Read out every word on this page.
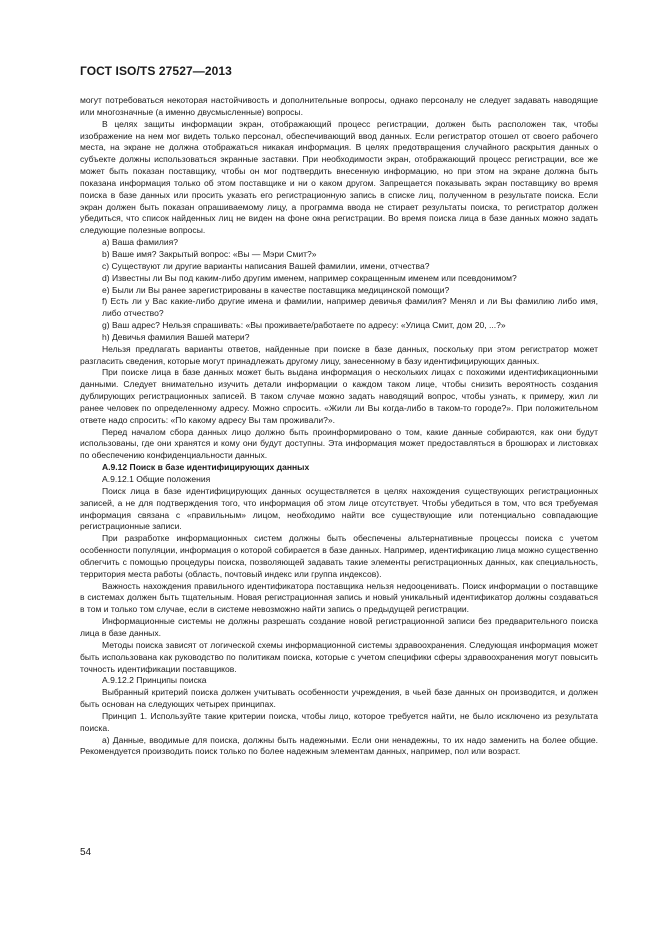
ГОСТ ISO/TS 27527—2013

могут потребоваться некоторая настойчивость и дополнительные вопросы, однако персоналу не следует задавать наводящие или многозначные (а именно двусмысленные) вопросы.

В целях защиты информации экран, отображающий процесс регистрации, должен быть расположен так, чтобы изображение на нем мог видеть только персонал, обеспечивающий ввод данных. Если регистратор отошел от своего рабочего места, на экране не должна отображаться никакая информация. В целях предотвращения случайного раскрытия данных о субъекте должны использоваться экранные заставки. При необходимости экран, отображающий процесс регистрации, все же может быть показан поставщику, чтобы он мог подтвердить внесенную информацию, но при этом на экране должна быть показана информация только об этом поставщике и ни о каком другом. Запрещается показывать экран поставщику во время поиска в базе данных или просить указать его регистрационную запись в списке лиц, полученном в результате поиска. Если экран должен быть показан опрашиваемому лицу, а программа ввода не стирает результаты поиска, то регистратор должен убедиться, что список найденных лиц не виден на фоне окна регистрации. Во время поиска лица в базе данных можно задать следующие полезные вопросы.

a) Ваша фамилия?

b) Ваше имя? Закрытый вопрос: «Вы — Мэри Смит?»

c) Существуют ли другие варианты написания Вашей фамилии, имени, отчества?

d) Известны ли Вы под каким-либо другим именем, например сокращенным именем или псевдонимом?

e) Были ли Вы ранее зарегистрированы в качестве поставщика медицинской помощи?

f) Есть ли у Вас какие-либо другие имена и фамилии, например девичья фамилия? Менял и ли Вы фамилию либо имя, либо отчество?

g) Ваш адрес? Нельзя спрашивать: «Вы проживаете/работаете по адресу: «Улица Смит, дом 20, ...?»

h) Девичья фамилия Вашей матери?

Нельзя предлагать варианты ответов, найденные при поиске в базе данных, поскольку при этом регистратор может разгласить сведения, которые могут принадлежать другому лицу, занесенному в базу идентифицирующих данных.

При поиске лица в базе данных может быть выдана информация о нескольких лицах с похожими идентификационными данными. Следует внимательно изучить детали информации о каждом таком лице, чтобы снизить вероятность создания дублирующих регистрационных записей. В таком случае можно задать наводящий вопрос, чтобы узнать, к примеру, жил ли ранее человек по определенному адресу. Можно спросить. «Жили ли Вы когда-либо в таком-то городе?». При положительном ответе надо спросить: «По какому адресу Вы там проживали?».

Перед началом сбора данных лицо должно быть проинформировано о том, какие данные собираются, как они будут использованы, где они хранятся и кому они будут доступны. Эта информация может предоставляться в брошюрах и листовках по обеспечению конфиденциальности данных.

А.9.12 Поиск в базе идентифицирующих данных

А.9.12.1 Общие положения

Поиск лица в базе идентифицирующих данных осуществляется в целях нахождения существующих регистрационных записей, а не для подтверждения того, что информация об этом лице отсутствует. Чтобы убедиться в том, что вся требуемая информация связана с «правильным» лицом, необходимо найти все существующие или потенциально совпадающие регистрационные записи.

При разработке информационных систем должны быть обеспечены альтернативные процессы поиска с учетом особенности популяции, информация о которой собирается в базе данных. Например, идентификацию лица можно существенно облегчить с помощью процедуры поиска, позволяющей задавать такие элементы регистрационных данных, как специальность, территория места работы (область, почтовый индекс или группа индексов).

Важность нахождения правильного идентификатора поставщика нельзя недооценивать. Поиск информации о поставщике в системах должен быть тщательным. Новая регистрационная запись и новый уникальный идентификатор должны создаваться в том и только том случае, если в системе невозможно найти запись о предыдущей регистрации.

Информационные системы не должны разрешать создание новой регистрационной записи без предварительного поиска лица в базе данных.

Методы поиска зависят от логической схемы информационной системы здравоохранения. Следующая информация может быть использована как руководство по политикам поиска, которые с учетом специфики сферы здравоохранения могут повысить точность идентификации поставщиков.

А.9.12.2 Принципы поиска

Выбранный критерий поиска должен учитывать особенности учреждения, в чьей базе данных он производится, и должен быть основан на следующих четырех принципах.

Принцип 1. Используйте такие критерии поиска, чтобы лицо, которое требуется найти, не было исключено из результата поиска.

а) Данные, вводимые для поиска, должны быть надежными. Если они ненадежны, то их надо заменить на более общие. Рекомендуется производить поиск только по более надежным элементам данных, например, пол или возраст.

54
